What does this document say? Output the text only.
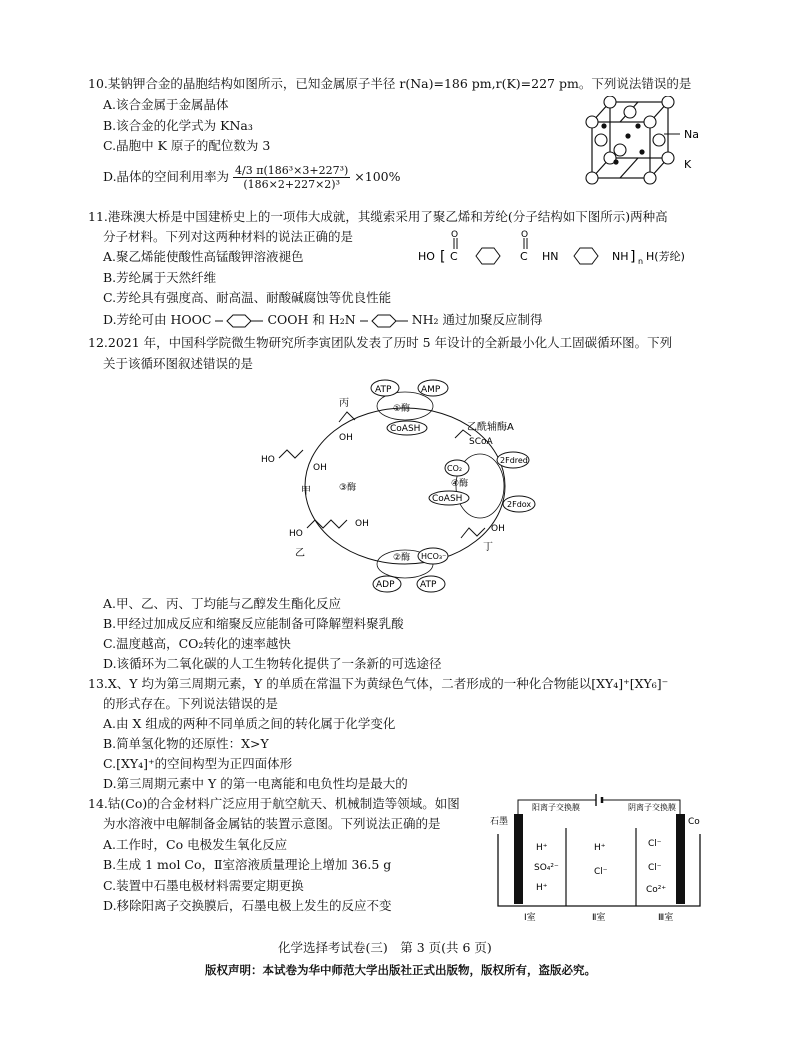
10.某钠钾合金的晶胞结构如图所示，已知金属原子半径 r(Na)=186 pm,r(K)=227 pm。下列说法错误的是
A.该合金属于金属晶体
B.该合金的化学式为 KNa₃
C.晶胞中 K 原子的配位数为 3
D.晶体的空间利用率为 $\frac{\text{4/3 π(186³×3+227³)}}{\text{(186×2+227×2)³}} \times 100\%$
Na
K
11.港珠澳大桥是中国建桥史上的一项伟大成就，其缆索采用了聚乙烯和芳纶(分子结构如下图所示)两种高
分子材料。下列对这两种材料的说法正确的是
A.聚乙烯能使酸性高锰酸钾溶液褪色
B.芳纶属于天然纤维
C.芳纶具有强度高、耐高温、耐酸碱腐蚀等优良性能
D.芳纶可由 HOOC	COOH 和 H₂N	NH₂ 通过加聚反应制得
HO [ C
O
C
O
HN	NH ] n H(芳纶)
12.2021 年，中国科学院微生物研究所李寅团队发表了历时 5 年设计的全新最小化人工固碳循环图。下列
关于该循环图叙述错误的是
ATP	AMP
①酶
CoASH	乙酰辅酶A
SCoA
CO₂
④酶
2Fdred
CoASH
2Fdox
OH
丁
HCO₃⁻
②酶
ADP	ATP
HO
OH
乙
HO
OH
甲	③酶
OH
丙
A.甲、乙、丙、丁均能与乙醇发生酯化反应
B.甲经过加成反应和缩聚反应能制备可降解塑料聚乳酸
C.温度越高，CO₂转化的速率越快
D.该循环为二氧化碳的人工生物转化提供了一条新的可选途径
13.X、Y 均为第三周期元素，Y 的单质在常温下为黄绿色气体，二者形成的一种化合物能以[XY₄]⁺[XY₆]⁻
的形式存在。下列说法错误的是
A.由 X 组成的两种不同单质之间的转化属于化学变化
B.简单氢化物的还原性：X>Y
C.[XY₄]⁺的空间构型为正四面体形
D.第三周期元素中 Y 的第一电离能和电负性均是最大的
14.钴(Co)的合金材料广泛应用于航空航天、机械制造等领域。如图
为水溶液中电解制备金属钴的装置示意图。下列说法正确的是
A.工作时，Co 电极发生氧化反应
B.生成 1 mol Co，Ⅱ室溶液质量理论上增加 36.5 g
C.装置中石墨电极材料需要定期更换
D.移除阳离子交换膜后，石墨电极上发生的反应不变
石墨
阳离子交换膜	阴离子交换膜
Co
H⁺
SO₄²⁻
H⁺
H⁺
Cl⁻
Cl⁻
Cl⁻
Co²⁺
Ⅰ室	Ⅱ室	Ⅲ室
化学选择考试卷(三)　第 3 页(共 6 页)
版权声明：本试卷为华中师范大学出版社正式出版物，版权所有，盗版必究。
